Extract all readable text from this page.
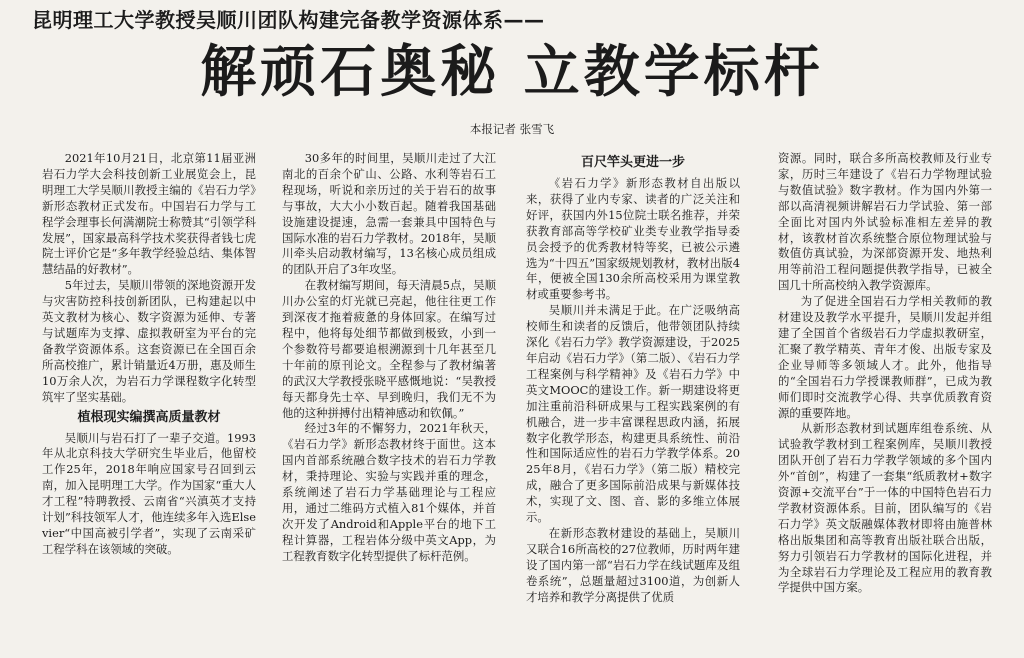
昆明理工大学教授吴顺川团队构建完备教学资源体系——
解顽石奥秘 立教学标杆
本报记者 张雪飞

2021年10月21日，北京第11届亚洲岩石力学大会科技创新工业展览会上，昆明理工大学吴顺川教授主编的《岩石力学》新形态教材正式发布。中国岩石力学与工程学会理事长何满潮院士称赞其“引领学科发展”，国家最高科学技术奖获得者钱七虎院士评价它是“多年教学经验总结、集体智慧结晶的好教材”。

5年过去，吴顺川带领的深地资源开发与灾害防控科技创新团队，已构建起以中英文教材为核心、数字资源为延伸、专著与试题库为支撑、虚拟教研室为平台的完备教学资源体系。这套资源已在全国百余所高校推广，累计销量近4万册，惠及师生10万余人次，为岩石力学课程数字化转型筑牢了坚实基础。

植根现实编撰高质量教材

吴顺川与岩石打了一辈子交道。1993年从北京科技大学研究生毕业后，他留校工作25年，2018年响应国家号召回到云南，加入昆明理工大学。作为国家“重大人才工程”特聘教授、云南省“兴滇英才支持计划”科技领军人才，他连续多年入选Elsevier“中国高被引学者”，实现了云南采矿工程学科在该领域的突破。

30多年的时间里，吴顺川走过了大江南北的百余个矿山、公路、水利等岩石工程现场，听说和亲历过的关于岩石的故事与事故，大大小小数百起。随着我国基础设施建设提速，急需一套兼具中国特色与国际水准的岩石力学教材。2018年，吴顺川牵头启动教材编写，13名核心成员组成的团队开启了3年攻坚。

在教材编写期间，每天清晨5点，吴顺川办公室的灯光就已亮起，他往往更工作到深夜才拖着疲惫的身体回家。在编写过程中，他将每处细节都做到极致，小到一个参数符号都要追根溯源到十几年甚至几十年前的原刊论文。全程参与了教材编著的武汉大学教授张晓平感慨地说：“吴教授每天都身先士卒、早到晚归，我们无不为他的这种拼搏付出精神感动和钦佩。”

经过3年的不懈努力，2021年秋天，《岩石力学》新形态教材终于面世。这本国内首部系统融合数字技术的岩石力学教材，秉持理论、实验与实践并重的理念，系统阐述了岩石力学基础理论与工程应用，通过二维码方式植入81个媒体，并首次开发了Android和Apple平台的地下工程计算器，工程岩体分级中英文App，为工程教育数字化转型提供了标杆范例。

百尺竿头更进一步

《岩石力学》新形态教材自出版以来，获得了业内专家、读者的广泛关注和好评，获国内外15位院士联名推荐，并荣获教育部高等学校矿业类专业教学指导委员会授予的优秀教材特等奖，已被公示遴选为“十四五”国家级规划教材，教材出版4年，便被全国130余所高校采用为课堂教材或重要参考书。

吴顺川并未满足于此。在广泛吸纳高校师生和读者的反馈后，他带领团队持续深化《岩石力学》教学资源建设，于2025年启动《岩石力学》（第二版）、《岩石力学工程案例与科学精神》及《岩石力学》中英文MOOC的建设工作。新一期建设将更加注重前沿科研成果与工程实践案例的有机融合，进一步丰富课程思政内涵，拓展数字化教学形态，构建更具系统性、前沿性和国际适应性的岩石力学教学体系。2025年8月，《岩石力学》（第二版）精校完成，融合了更多国际前沿成果与新媒体技术，实现了文、图、音、影的多维立体展示。

在新形态教材建设的基础上，吴顺川又联合16所高校的27位教师，历时两年建设了国内第一部“岩石力学在线试题库及组卷系统”，总题量超过3100道，为创新人才培养和教学分离提供了优质

资源。同时，联合多所高校教师及行业专家，历时三年建设了《岩石力学物理试验与数值试验》数字教材。作为国内外第一部以高清视频讲解岩石力学试验、第一部全面比对国内外试验标准相左差异的教材，该教材首次系统整合原位物理试验与数值仿真试验，为深部资源开发、地热利用等前沿工程问题提供教学指导，已被全国几十所高校纳入教学资源库。

为了促进全国岩石力学相关教师的教材建设及教学水平提升，吴顺川发起并组建了全国首个省级岩石力学虚拟教研室，汇聚了教学精英、青年才俊、出版专家及企业导师等多领域人才。此外，他指导的“全国岩石力学授课教师群”，已成为教师们即时交流教学心得、共享优质教育资源的重要阵地。

从新形态教材到试题库组卷系统、从试验教学教材到工程案例库，吴顺川教授团队开创了岩石力学教学领域的多个国内外“首创”，构建了一套集“纸质教材+数字资源+交流平台”于一体的中国特色岩石力学教材资源体系。目前，团队编写的《岩石力学》英文版融媒体教材即将由施普林格出版集团和高等教育出版社联合出版，努力引领岩石力学教材的国际化进程，并为全球岩石力学理论及工程应用的教育教学提供中国方案。
